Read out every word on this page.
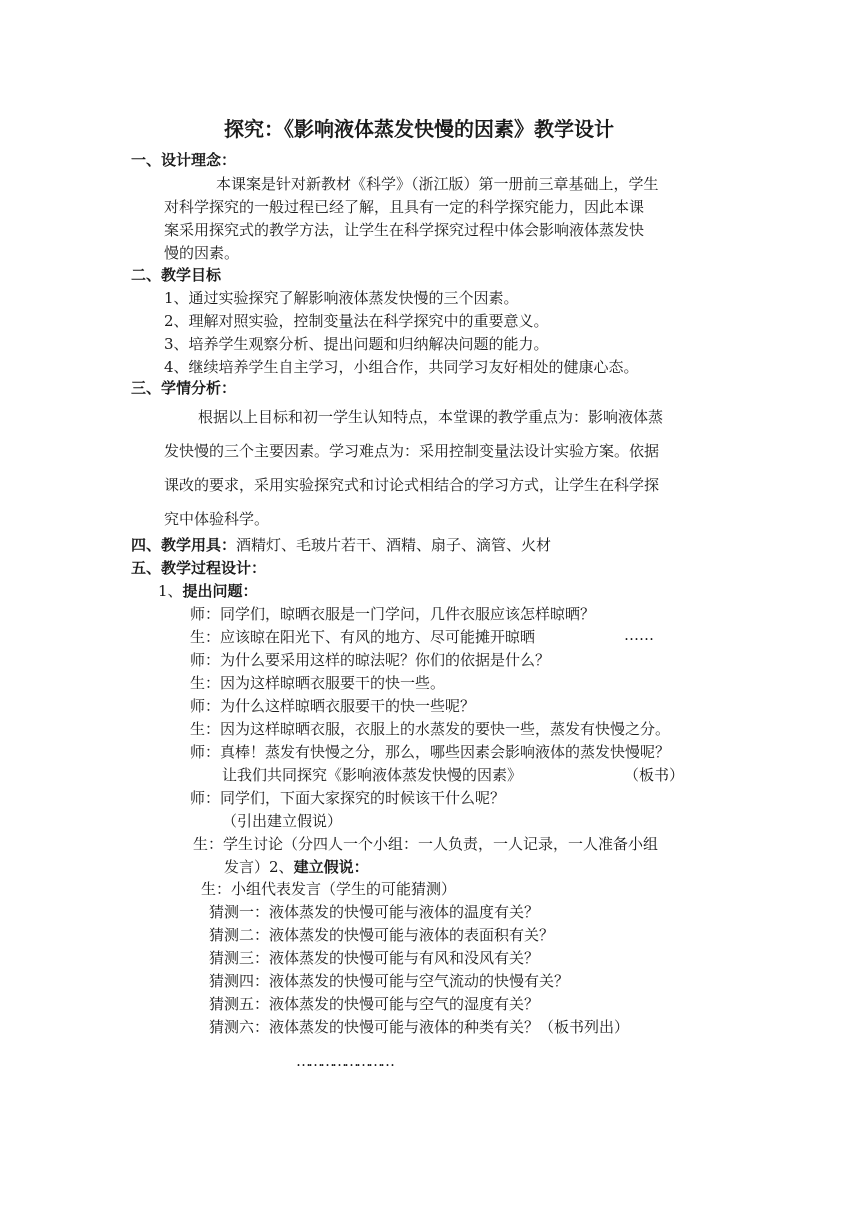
探究：《影响液体蒸发快慢的因素》教学设计
一、设计理念：
本课案是针对新教材《科学》（浙江版）第一册前三章基础上，学生
对科学探究的一般过程已经了解，且具有一定的科学探究能力，因此本课
案采用探究式的教学方法，让学生在科学探究过程中体会影响液体蒸发快
慢的因素。
二、教学目标
1、通过实验探究了解影响液体蒸发快慢的三个因素。
2、理解对照实验，控制变量法在科学探究中的重要意义。
3、培养学生观察分析、提出问题和归纳解决问题的能力。
4、继续培养学生自主学习，小组合作，共同学习友好相处的健康心态。
三、学情分析：
根据以上目标和初一学生认知特点，本堂课的教学重点为：影响液体蒸
发快慢的三个主要因素。学习难点为：采用控制变量法设计实验方案。依据
课改的要求，采用实验探究式和讨论式相结合的学习方式，让学生在科学探
究中体验科学。
四、教学用具：酒精灯、毛玻片若干、酒精、扇子、滴管、火材
五、教学过程设计：
1、提出问题：
师：同学们，晾晒衣服是一门学问，几件衣服应该怎样晾晒？
生：应该晾在阳光下、有风的地方、尽可能摊开晾晒	……
师：为什么要采用这样的晾法呢？你们的依据是什么？
生：因为这样晾晒衣服要干的快一些。
师：为什么这样晾晒衣服要干的快一些呢？
生：因为这样晾晒衣服，衣服上的水蒸发的要快一些，蒸发有快慢之分。
师：真棒！蒸发有快慢之分，那么，哪些因素会影响液体的蒸发快慢呢？
让我们共同探究《影响液体蒸发快慢的因素》	（板书）
师：同学们，下面大家探究的时候该干什么呢？
（引出建立假说）
生：学生讨论（分四人一个小组：一人负责，一人记录，一人准备小组
发言）2、建立假说：
生：小组代表发言（学生的可能猜测）
猜测一：液体蒸发的快慢可能与液体的温度有关？
猜测二：液体蒸发的快慢可能与液体的表面积有关？
猜测三：液体蒸发的快慢可能与有风和没风有关？
猜测四：液体蒸发的快慢可能与空气流动的快慢有关？
猜测五：液体蒸发的快慢可能与空气的湿度有关？
猜测六：液体蒸发的快慢可能与液体的种类有关？（板书列出）
……………………
